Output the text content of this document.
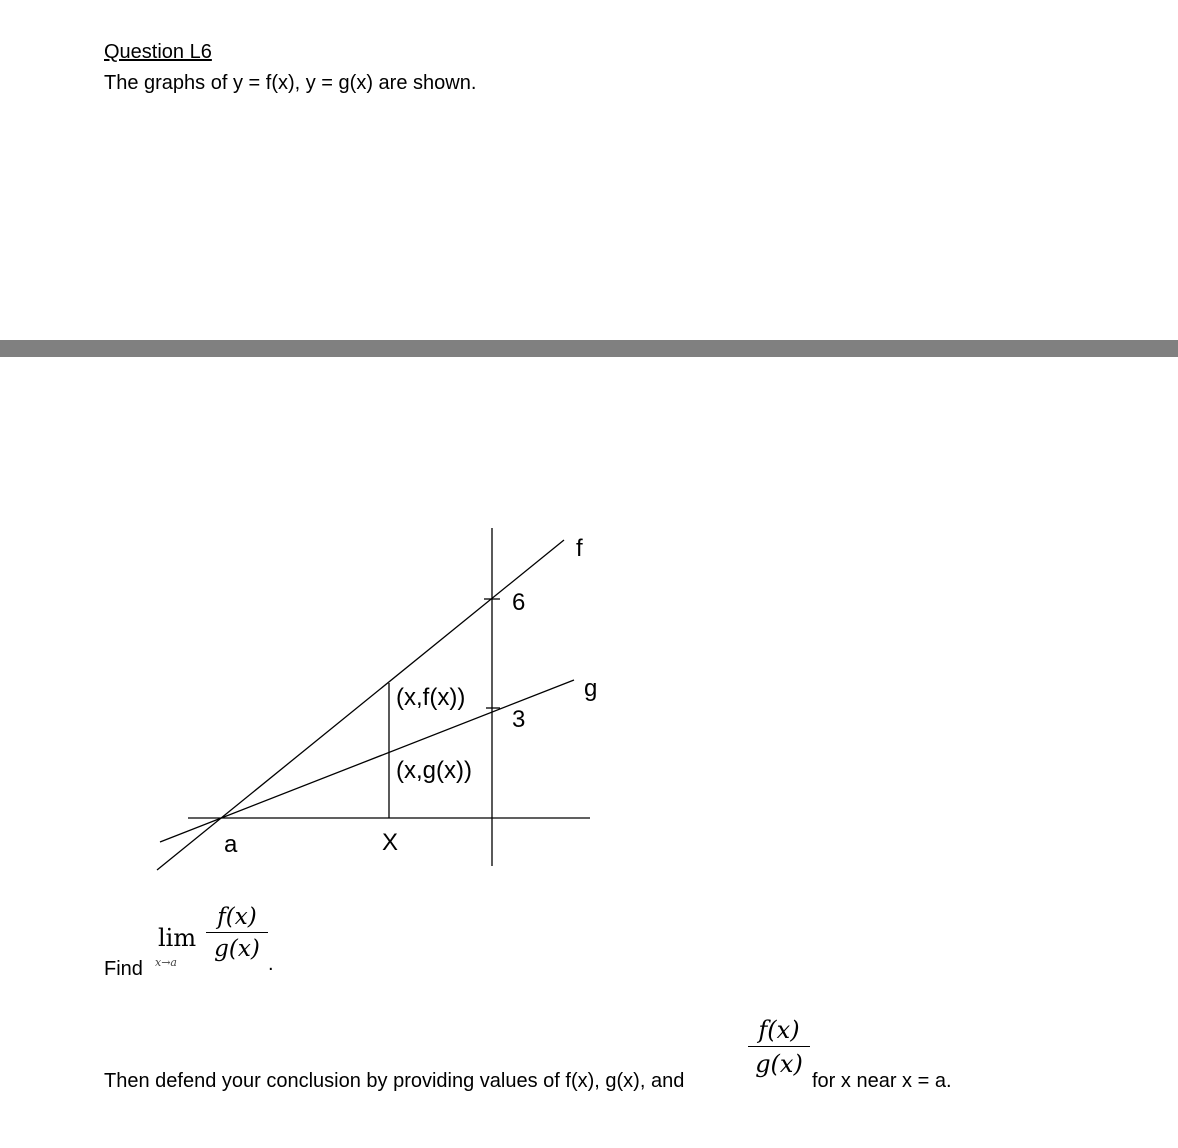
Question L6
The graphs of y = f(x), y = g(x) are shown.
f
g
6
3
(x,f(x))
(x,g(x))
a	X
Find
lim
x→a
f(x)
g(x)
.
Then defend your conclusion by providing values of f(x), g(x), and
f(x)
g(x)
for x near x = a.
